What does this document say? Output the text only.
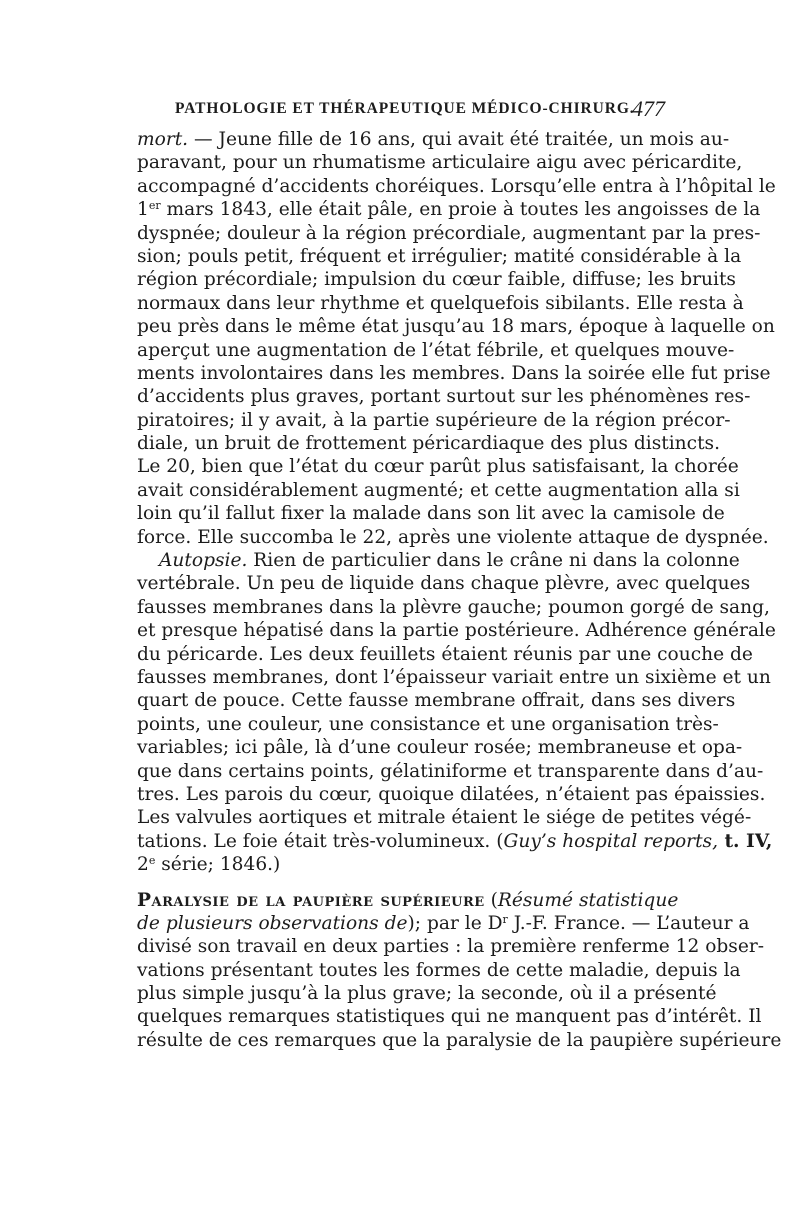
PATHOLOGIE ET THÉRAPEUTIQUE MÉDICO-CHIRURG.
477
mort. — Jeune fille de 16 ans, qui avait été traitée, un mois au-
paravant, pour un rhumatisme articulaire aigu avec péricardite,
accompagné d’accidents choréiques. Lorsqu’elle entra à l’hôpital le
1er mars 1843, elle était pâle, en proie à toutes les angoisses de la
dyspnée; douleur à la région précordiale, augmentant par la pres-
sion; pouls petit, fréquent et irrégulier; matité considérable à la
région précordiale; impulsion du cœur faible, diffuse; les bruits
normaux dans leur rhythme et quelquefois sibilants. Elle resta à
peu près dans le même état jusqu’au 18 mars, époque à laquelle on
aperçut une augmentation de l’état fébrile, et quelques mouve-
ments involontaires dans les membres. Dans la soirée elle fut prise
d’accidents plus graves, portant surtout sur les phénomènes res-
piratoires; il y avait, à la partie supérieure de la région précor-
diale, un bruit de frottement péricardiaque des plus distincts.
Le 20, bien que l’état du cœur parût plus satisfaisant, la chorée
avait considérablement augmenté; et cette augmentation alla si
loin qu’il fallut fixer la malade dans son lit avec la camisole de
force. Elle succomba le 22, après une violente attaque de dyspnée.
Autopsie. Rien de particulier dans le crâne ni dans la colonne
vertébrale. Un peu de liquide dans chaque plèvre, avec quelques
fausses membranes dans la plèvre gauche; poumon gorgé de sang,
et presque hépatisé dans la partie postérieure. Adhérence générale
du péricarde. Les deux feuillets étaient réunis par une couche de
fausses membranes, dont l’épaisseur variait entre un sixième et un
quart de pouce. Cette fausse membrane offrait, dans ses divers
points, une couleur, une consistance et une organisation très-
variables; ici pâle, là d’une couleur rosée; membraneuse et opa-
que dans certains points, gélatiniforme et transparente dans d’au-
tres. Les parois du cœur, quoique dilatées, n’étaient pas épaissies.
Les valvules aortiques et mitrale étaient le siége de petites végé-
tations. Le foie était très-volumineux. (Guy’s hospital reports, t. IV,
2e série; 1846.)
Paralysie de la paupière supérieure (Résumé statistique
de plusieurs observations de); par le $D^r$ J.-F. France. — L’auteur a
divisé son travail en deux parties : la première renferme 12 obser-
vations présentant toutes les formes de cette maladie, depuis la
plus simple jusqu’à la plus grave; la seconde, où il a présenté
quelques remarques statistiques qui ne manquent pas d’intérêt. Il
résulte de ces remarques que la paralysie de la paupière supérieure
